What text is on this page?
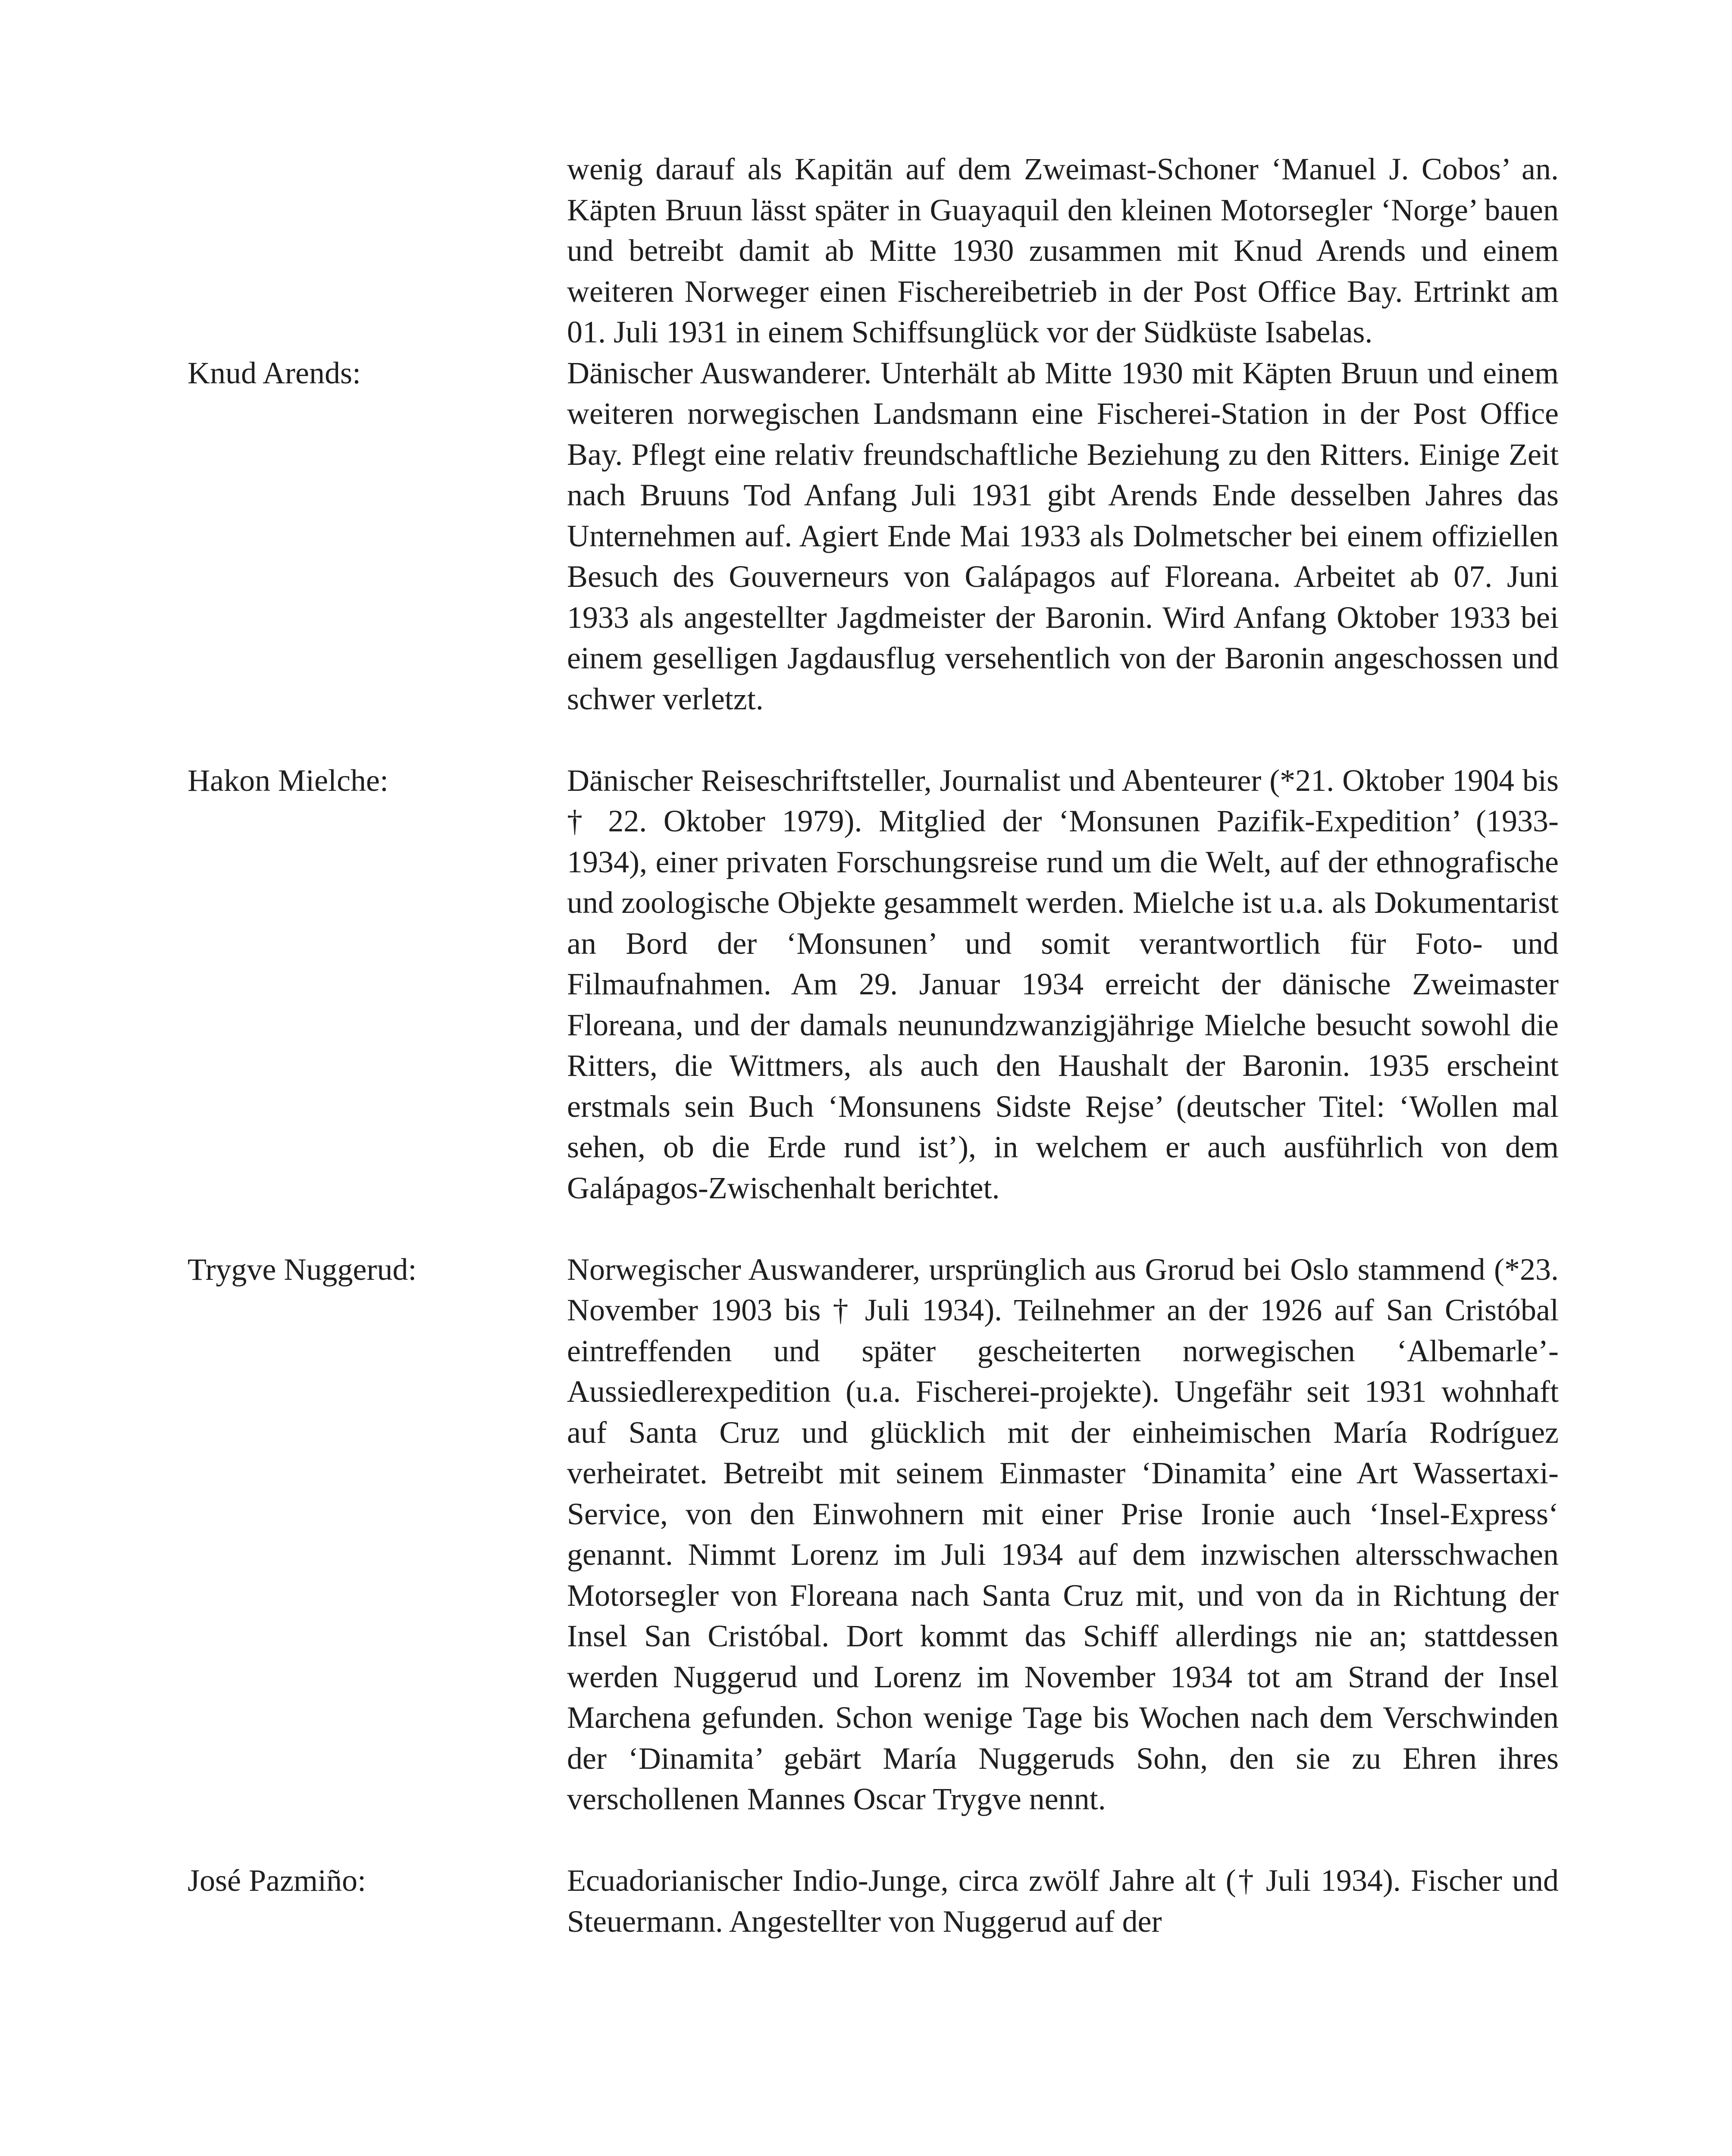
wenig darauf als Kapitän auf dem Zweimast-Schoner ‘Manuel J. Cobos’ an. Käpten Bruun lässt später in Guayaquil den kleinen Motorsegler ‘Norge’ bauen und betreibt damit ab Mitte 1930 zusammen mit Knud Arends und einem weiteren Norweger einen Fischereibetrieb in der Post Office Bay. Ertrinkt am 01. Juli 1931 in einem Schiffsunglück vor der Südküste Isabelas.
Knud Arends:	Dänischer Auswanderer. Unterhält ab Mitte 1930 mit Käpten Bruun und einem weiteren norwegischen Landsmann eine Fischerei-Station in der Post Office Bay. Pflegt eine relativ freundschaftliche Beziehung zu den Ritters. Einige Zeit nach Bruuns Tod Anfang Juli 1931 gibt Arends Ende desselben Jahres das Unternehmen auf. Agiert Ende Mai 1933 als Dolmetscher bei einem offiziellen Besuch des Gouverneurs von Galápagos auf Floreana. Arbeitet ab 07. Juni 1933 als angestellter Jagdmeister der Baronin. Wird Anfang Oktober 1933 bei einem geselligen Jagdausflug versehentlich von der Baronin angeschossen und schwer verletzt.
Hakon Mielche:	Dänischer Reiseschriftsteller, Journalist und Abenteurer (*21. Oktober 1904 bis † 22. Oktober 1979). Mitglied der ‘Monsunen Pazifik-Expedition’ (1933-1934), einer privaten Forschungsreise rund um die Welt, auf der ethnografische und zoologische Objekte gesammelt werden. Mielche ist u.a. als Dokumentarist an Bord der ‘Monsunen’ und somit verantwortlich für Foto- und Filmaufnahmen. Am 29. Januar 1934 erreicht der dänische Zweimaster Floreana, und der damals neunundzwanzigjährige Mielche besucht sowohl die Ritters, die Wittmers, als auch den Haushalt der Baronin. 1935 erscheint erstmals sein Buch ‘Monsunens Sidste Rejse’ (deutscher Titel: ‘Wollen mal sehen, ob die Erde rund ist’), in welchem er auch ausführlich von dem Galápagos-Zwischenhalt berichtet.
Trygve Nuggerud:	Norwegischer Auswanderer, ursprünglich aus Grorud bei Oslo stammend (*23. November 1903 bis † Juli 1934). Teilnehmer an der 1926 auf San Cristóbal eintreffenden und später gescheiterten norwegischen ‘Albemarle’-Aussiedlerexpedition (u.a. Fischerei-projekte). Ungefähr seit 1931 wohnhaft auf Santa Cruz und glücklich mit der einheimischen María Rodríguez verheiratet. Betreibt mit seinem Einmaster ‘Dinamita’ eine Art Wassertaxi-Service, von den Einwohnern mit einer Prise Ironie auch ‘Insel-Express‘ genannt. Nimmt Lorenz im Juli 1934 auf dem inzwischen altersschwachen Motorsegler von Floreana nach Santa Cruz mit, und von da in Richtung der Insel San Cristóbal. Dort kommt das Schiff allerdings nie an; stattdessen werden Nuggerud und Lorenz im November 1934 tot am Strand der Insel Marchena gefunden. Schon wenige Tage bis Wochen nach dem Verschwinden der ‘Dinamita’ gebärt María Nuggeruds Sohn, den sie zu Ehren ihres verschollenen Mannes Oscar Trygve nennt.
José Pazmiño:	Ecuadorianischer Indio-Junge, circa zwölf Jahre alt († Juli 1934). Fischer und Steuermann. Angestellter von Nuggerud auf der
